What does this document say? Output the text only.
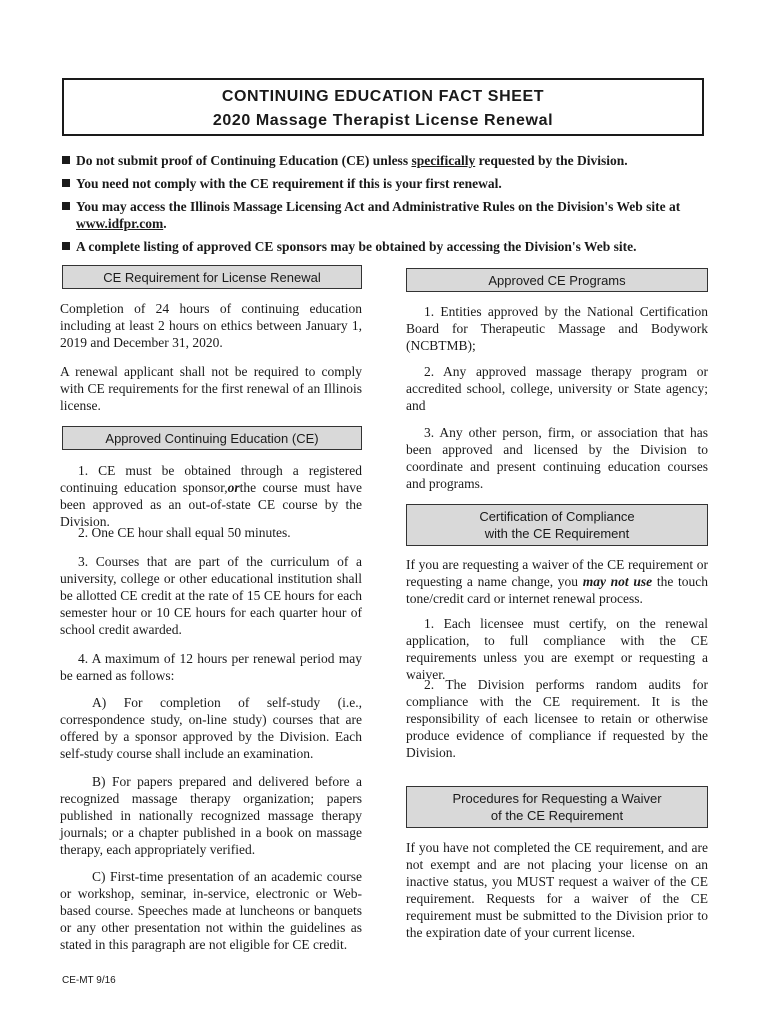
CONTINUING EDUCATION FACT SHEET
2020 Massage Therapist License Renewal
Do not submit proof of Continuing Education (CE) unless specifically requested by the Division.
You need not comply with the CE requirement if this is your first renewal.
You may access the Illinois Massage Licensing Act and Administrative Rules on the Division's Web site at www.idfpr.com.
A complete listing of approved CE sponsors may be obtained by accessing the Division's Web site.
CE Requirement for License Renewal

Completion of 24 hours of continuing education including at least 2 hours on ethics between January 1, 2019 and December 31, 2020.

A renewal applicant shall not be required to comply with CE requirements for the first renewal of an Illinois license.

Approved Continuing Education (CE)

1. CE must be obtained through a registered continuing education sponsor,orthe course must have been approved as an out-of-state CE course by the Division.

2. One CE hour shall equal 50 minutes.

3. Courses that are part of the curriculum of a university, college or other educational institution shall be allotted CE credit at the rate of 15 CE hours for each semester hour or 10 CE hours for each quarter hour of school credit awarded.

4. A maximum of 12 hours per renewal period may be earned as follows:

A) For completion of self-study (i.e., correspondence study, on-line study) courses that are offered by a sponsor approved by the Division. Each self-study course shall include an examination.

B) For papers prepared and delivered before a recognized massage therapy organization; papers published in nationally recognized massage therapy journals; or a chapter published in a book on massage therapy, each appropriately verified.

C) First-time presentation of an academic course or workshop, seminar, in-service, electronic or Web-based course. Speeches made at luncheons or banquets or any other presentation not within the guidelines as stated in this paragraph are not eligible for CE credit.

Approved CE Programs

1. Entities approved by the National Certification Board for Therapeutic Massage and Bodywork (NCBTMB);

2. Any approved massage therapy program or accredited school, college, university or State agency; and

3. Any other person, firm, or association that has been approved and licensed by the Division to coordinate and present continuing education courses and programs.

Certification of Compliance
with the CE Requirement

If you are requesting a waiver of the CE requirement or requesting a name change, you may not use the touch tone/credit card or internet renewal process.

1. Each licensee must certify, on the renewal application, to full compliance with the CE requirements unless you are exempt or requesting a waiver.

2. The Division performs random audits for compliance with the CE requirement. It is the responsibility of each licensee to retain or otherwise produce evidence of compliance if requested by the Division.

Procedures for Requesting a Waiver
of the CE Requirement

If you have not completed the CE requirement, and are not exempt and are not placing your license on an inactive status, you MUST request a waiver of the CE requirement. Requests for a waiver of the CE requirement must be submitted to the Division prior to the expiration date of your current license.

CE-MT 9/16
